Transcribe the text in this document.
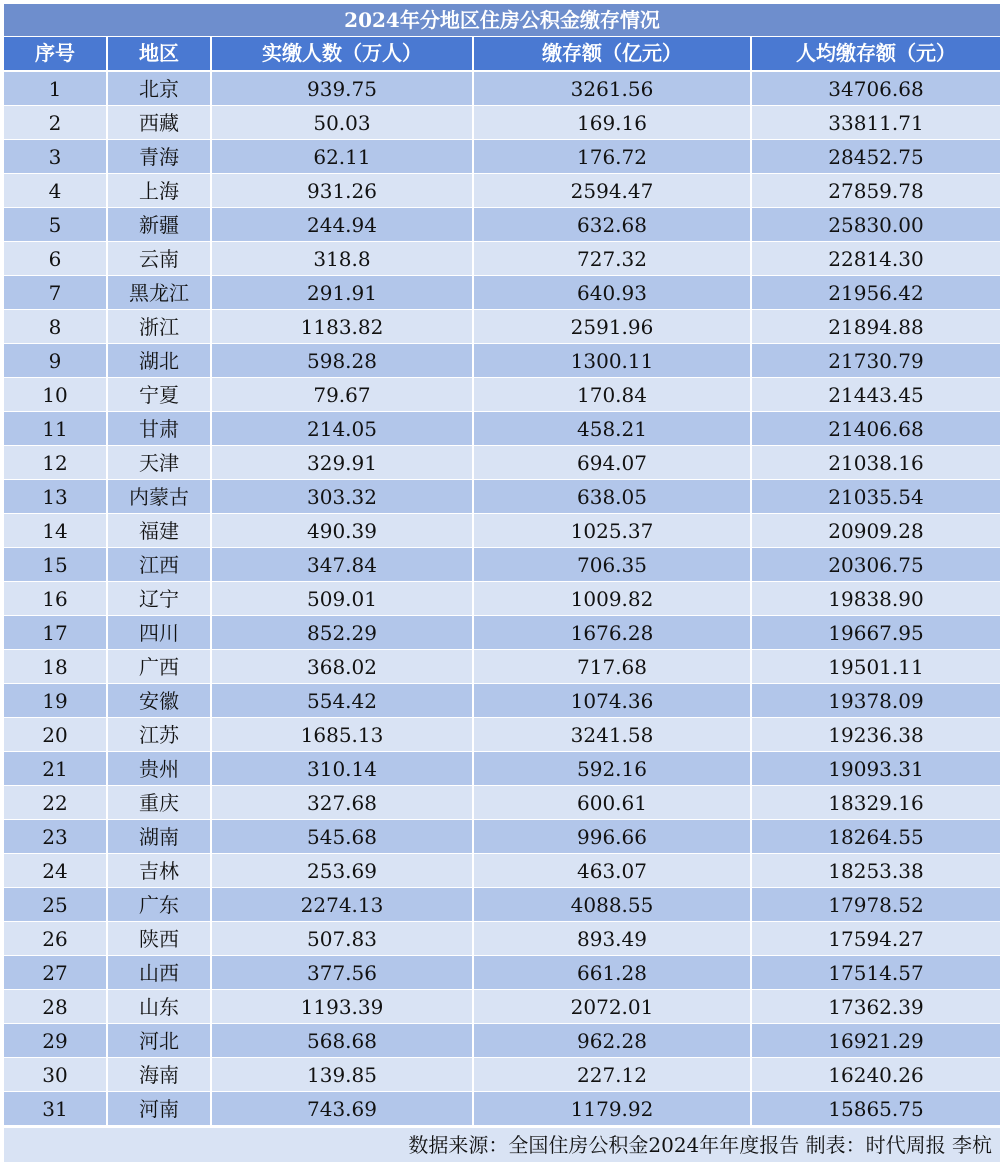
2024年分地区住房公积金缴存情况
序号	地区	实缴人数（万人）	缴存额（亿元）	人均缴存额（元）
1	北京	939.75	3261.56	34706.68
2	西藏	50.03	169.16	33811.71
3	青海	62.11	176.72	28452.75
4	上海	931.26	2594.47	27859.78
5	新疆	244.94	632.68	25830.00
6	云南	318.8	727.32	22814.30
7	黑龙江	291.91	640.93	21956.42
8	浙江	1183.82	2591.96	21894.88
9	湖北	598.28	1300.11	21730.79
10	宁夏	79.67	170.84	21443.45
11	甘肃	214.05	458.21	21406.68
12	天津	329.91	694.07	21038.16
13	内蒙古	303.32	638.05	21035.54
14	福建	490.39	1025.37	20909.28
15	江西	347.84	706.35	20306.75
16	辽宁	509.01	1009.82	19838.90
17	四川	852.29	1676.28	19667.95
18	广西	368.02	717.68	19501.11
19	安徽	554.42	1074.36	19378.09
20	江苏	1685.13	3241.58	19236.38
21	贵州	310.14	592.16	19093.31
22	重庆	327.68	600.61	18329.16
23	湖南	545.68	996.66	18264.55
24	吉林	253.69	463.07	18253.38
25	广东	2274.13	4088.55	17978.52
26	陕西	507.83	893.49	17594.27
27	山西	377.56	661.28	17514.57
28	山东	1193.39	2072.01	17362.39
29	河北	568.68	962.28	16921.29
30	海南	139.85	227.12	16240.26
31	河南	743.69	1179.92	15865.75
数据来源：全国住房公积金2024年年度报告 制表：时代周报 李杭
